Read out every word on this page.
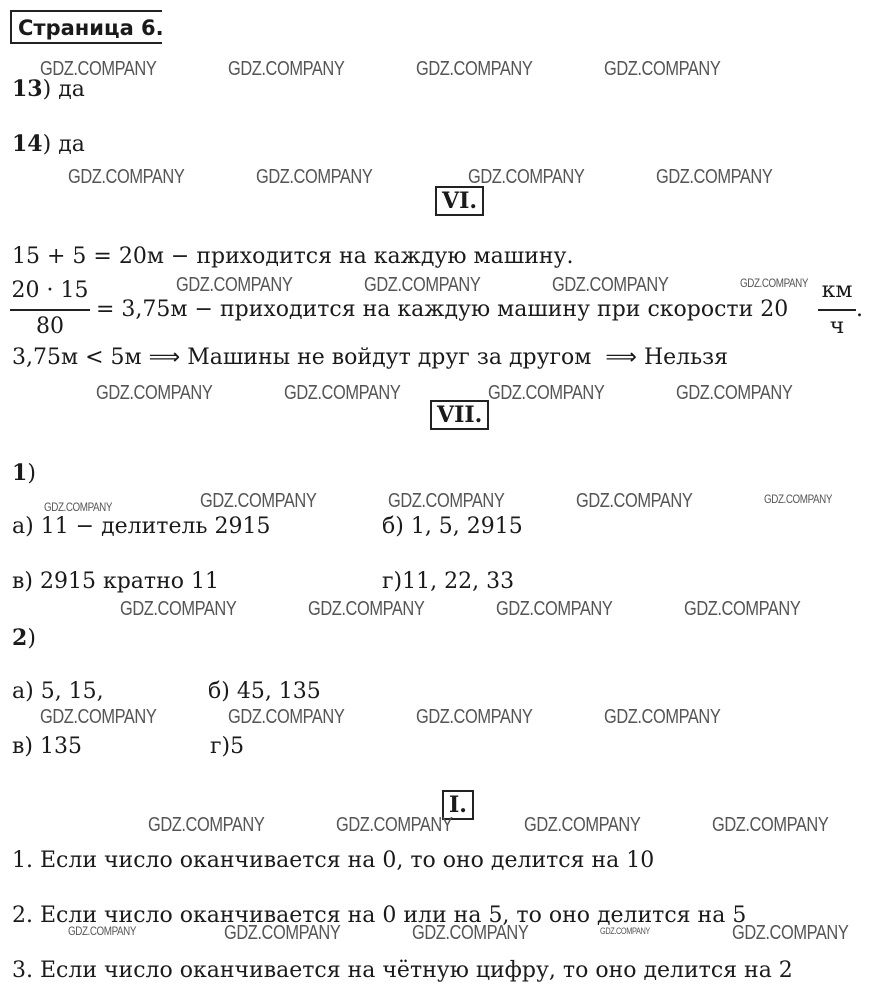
Страница 6.
13) да
14) да
VI.
15 + 5 = 20м − приходится на каждую машину.
20 · 15
80
= 3,75м − приходится на каждую машину при скорости 20
км
ч
.
3,75м < 5м ⟹ Машины не войдут друг за другом ⟹ Нельзя
VII.
1)
а) 11 − делитель 2915	б) 1, 5, 2915
в) 2915 кратно 11	г)11, 22, 33
2)
а) 5, 15,	б) 45, 135
в) 135	г)5
I.
1. Если число оканчивается на 0, то оно делится на 10
2. Если число оканчивается на 0 или на 5, то оно делится на 5
3. Если число оканчивается на чётную цифру, то оно делится на 2
GDZ.COMPANY	GDZ.COMPANY	GDZ.COMPANY	GDZ.COMPANY
GDZ.COMPANY	GDZ.COMPANY	GDZ.COMPANY	GDZ.COMPANY
GDZ.COMPANY	GDZ.COMPANY	GDZ.COMPANY	GDZ.COMPANY
GDZ.COMPANY	GDZ.COMPANY	GDZ.COMPANY	GDZ.COMPANY
GDZ.COMPANY	GDZ.COMPANY	GDZ.COMPANY	GDZ.COMPANY	GDZ.COMPANY
GDZ.COMPANY	GDZ.COMPANY	GDZ.COMPANY	GDZ.COMPANY
GDZ.COMPANY	GDZ.COMPANY	GDZ.COMPANY	GDZ.COMPANY
GDZ.COMPANY	GDZ.COMPANY	GDZ.COMPANY	GDZ.COMPANY
GDZ.COMPANY	GDZ.COMPANY	GDZ.COMPANY	GDZ.COMPANY	GDZ.COMPANY
